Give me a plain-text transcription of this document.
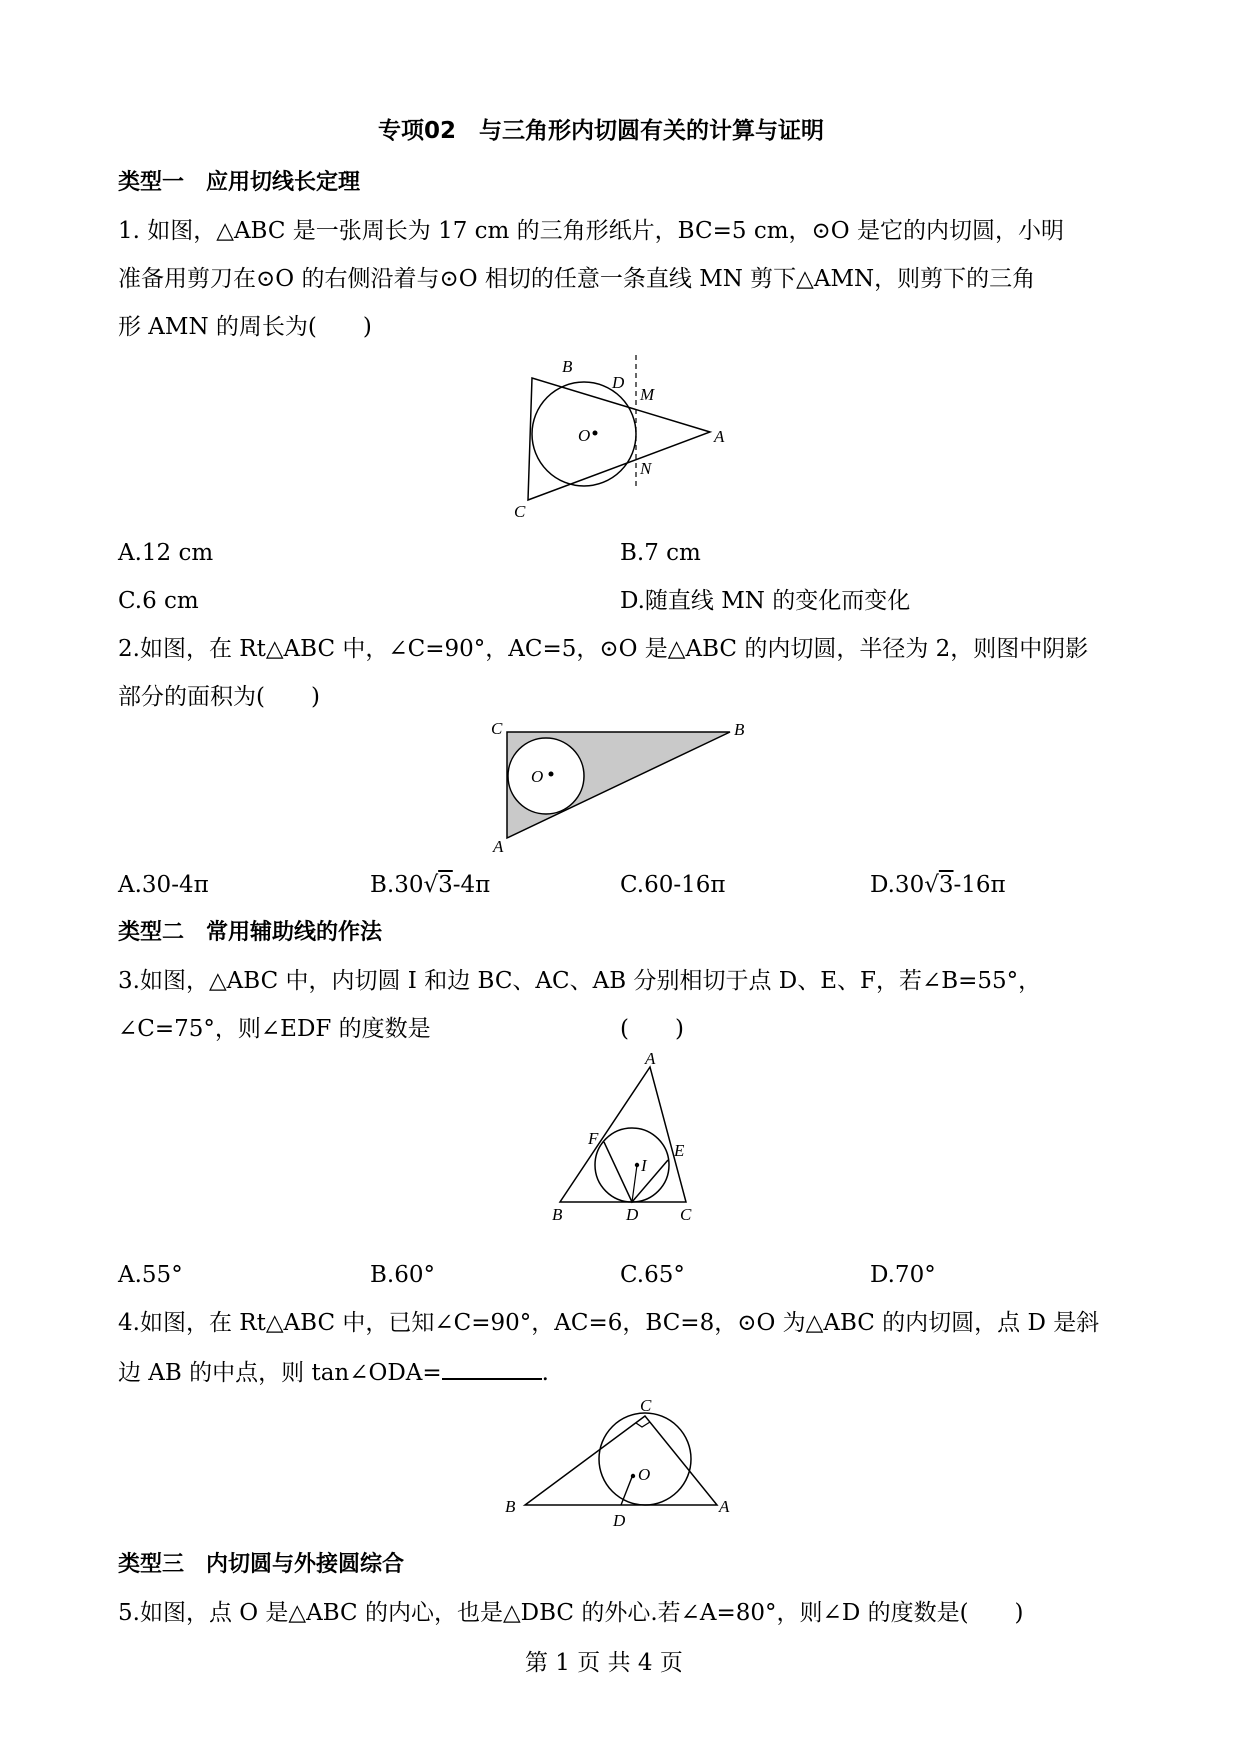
专项02　与三角形内切圆有关的计算与证明
类型一　应用切线长定理
1. 如图，△ABC 是一张周长为 17 cm 的三角形纸片，BC=5 cm，⊙O 是它的内切圆，小明
准备用剪刀在⊙O 的右侧沿着与⊙O 相切的任意一条直线 MN 剪下△AMN，则剪下的三角
形 AMN 的周长为(　　)
B
D
M
O	A
N
C
A.12 cm	B.7 cm
C.6 cm	D.随直线 MN 的变化而变化
2.如图，在 Rt△ABC 中，∠C=90°，AC=5，⊙O 是△ABC 的内切圆，半径为 2，则图中阴影
部分的面积为(　　)
C	B
O
A
A.30-4π	B.30√3-4π	C.60-16π	D.30√3-16π
类型二　常用辅助线的作法
3.如图，△ABC 中，内切圆 I 和边 BC、AC、AB 分别相切于点 D、E、F，若∠B=55°，
∠C=75°，则∠EDF 的度数是	(　　)
A
F
I
E
B	D C
A.55°	B.60°	C.65°	D.70°
4.如图，在 Rt△ABC 中，已知∠C=90°，AC=6，BC=8，⊙O 为△ABC 的内切圆，点 D 是斜
边 AB 的中点，则 tan∠ODA=	.
C
O
B
D
A
类型三　内切圆与外接圆综合
5.如图，点 O 是△ABC 的内心，也是△DBC 的外心.若∠A=80°，则∠D 的度数是(　　)
第 1 页 共 4 页
